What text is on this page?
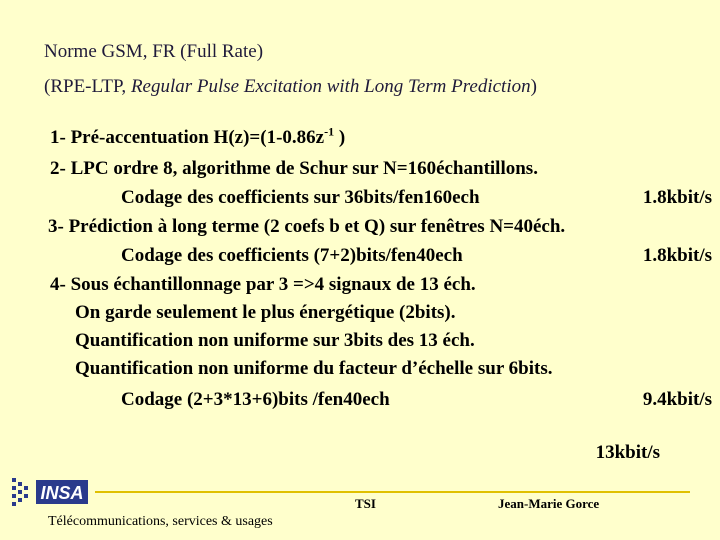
Norme GSM, FR (Full Rate)
(RPE-LTP, Regular Pulse Excitation with Long Term Prediction)
1- Pré-accentuation $H(z)=(1-0.86z^{-1}$ )
2- LPC ordre 8, algorithme de Schur sur N=160échantillons.
Codage des coefficients sur 36bits/fen160ech	1.8kbit/s
3- Prédiction à long terme (2 coefs b et Q) sur fenêtres N=40éch.
Codage des coefficients (7+2)bits/fen40ech	1.8kbit/s
4- Sous échantillonnage par 3 =>4 signaux de 13 éch.
On garde seulement le plus énergétique (2bits).
Quantification non uniforme sur 3bits des 13 éch.
Quantification non uniforme du facteur d’échelle sur 6bits.
Codage (2+3*13+6)bits /fen40ech	9.4kbit/s
13kbit/s
INSA
TSI	Jean-Marie Gorce
Télécommunications, services & usages
